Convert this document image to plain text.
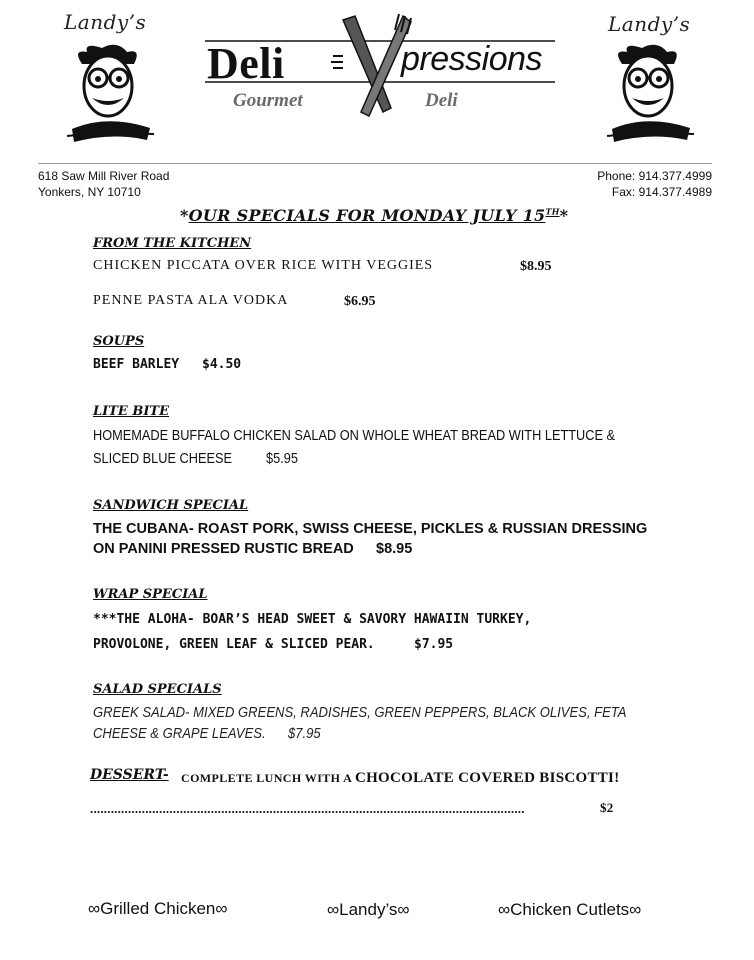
Landy’s
Deli	pressions
Gourmet	Deli
Landy’s
618 Saw Mill River Road
Yonkers, NY 10710
Phone: 914.377.4999
Fax: 914.377.4989
*OUR SPECIALS FOR MONDAY JULY 15TH*
FROM THE KITCHEN
CHICKEN PICCATA OVER RICE WITH VEGGIES	$8.95
PENNE PASTA ALA VODKA	$6.95
SOUPS
BEEF BARLEY $4.50
LITE BITE
HOMEMADE BUFFALO CHICKEN SALAD ON WHOLE WHEAT BREAD WITH LETTUCE &
SLICED BLUE CHEESE $5.95
SANDWICH SPECIAL
THE CUBANA- ROAST PORK, SWISS CHEESE, PICKLES & RUSSIAN DRESSING
ON PANINI PRESSED RUSTIC BREAD $8.95
WRAP SPECIAL
***THE ALOHA- BOAR’S HEAD SWEET & SAVORY HAWAIIN TURKEY,
PROVOLONE, GREEN LEAF & SLICED PEAR.	$7.95
SALAD SPECIALS
GREEK SALAD- MIXED GREENS, RADISHES, GREEN PEPPERS, BLACK OLIVES, FETA
CHEESE & GRAPE LEAVES. $7.95
DESSERT- COMPLETE LUNCH WITH A CHOCOLATE COVERED BISCOTTI!
..............................................................................................................................	$2
∞Grilled Chicken∞	∞Landy’s∞	∞Chicken Cutlets∞
